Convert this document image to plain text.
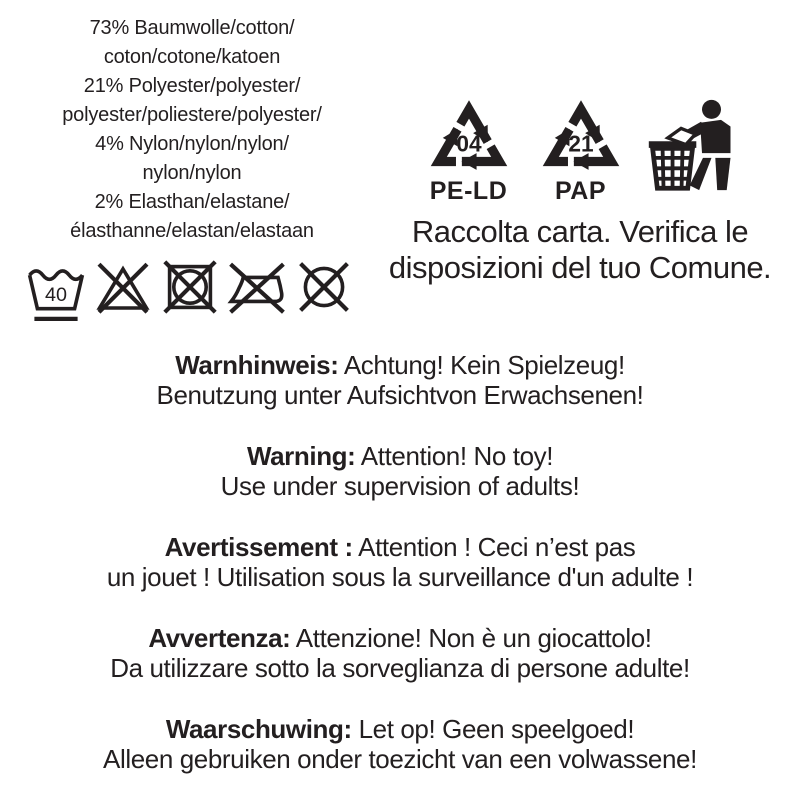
73% Baumwolle/cotton/
coton/cotone/katoen
21% Polyester/polyester/
polyester/poliestere/polyester/
4% Nylon/nylon/nylon/
nylon/nylon
2% Elasthan/elastane/
élasthanne/elastan/elastaan
04
PE-LD
21
PAP
Raccolta carta. Verifica le
disposizioni del tuo Comune.
40
Warnhinweis: Achtung! Kein Spielzeug!
Benutzung unter Aufsichtvon Erwachsenen!
Warning: Attention! No toy!
Use under supervision of adults!
Avertissement : Attention ! Ceci n’est pas
un jouet ! Utilisation sous la surveillance d'un adulte !
Avvertenza: Attenzione! Non è un giocattolo!
Da utilizzare sotto la sorveglianza di persone adulte!
Waarschuwing: Let op! Geen speelgoed!
Alleen gebruiken onder toezicht van een volwassene!
